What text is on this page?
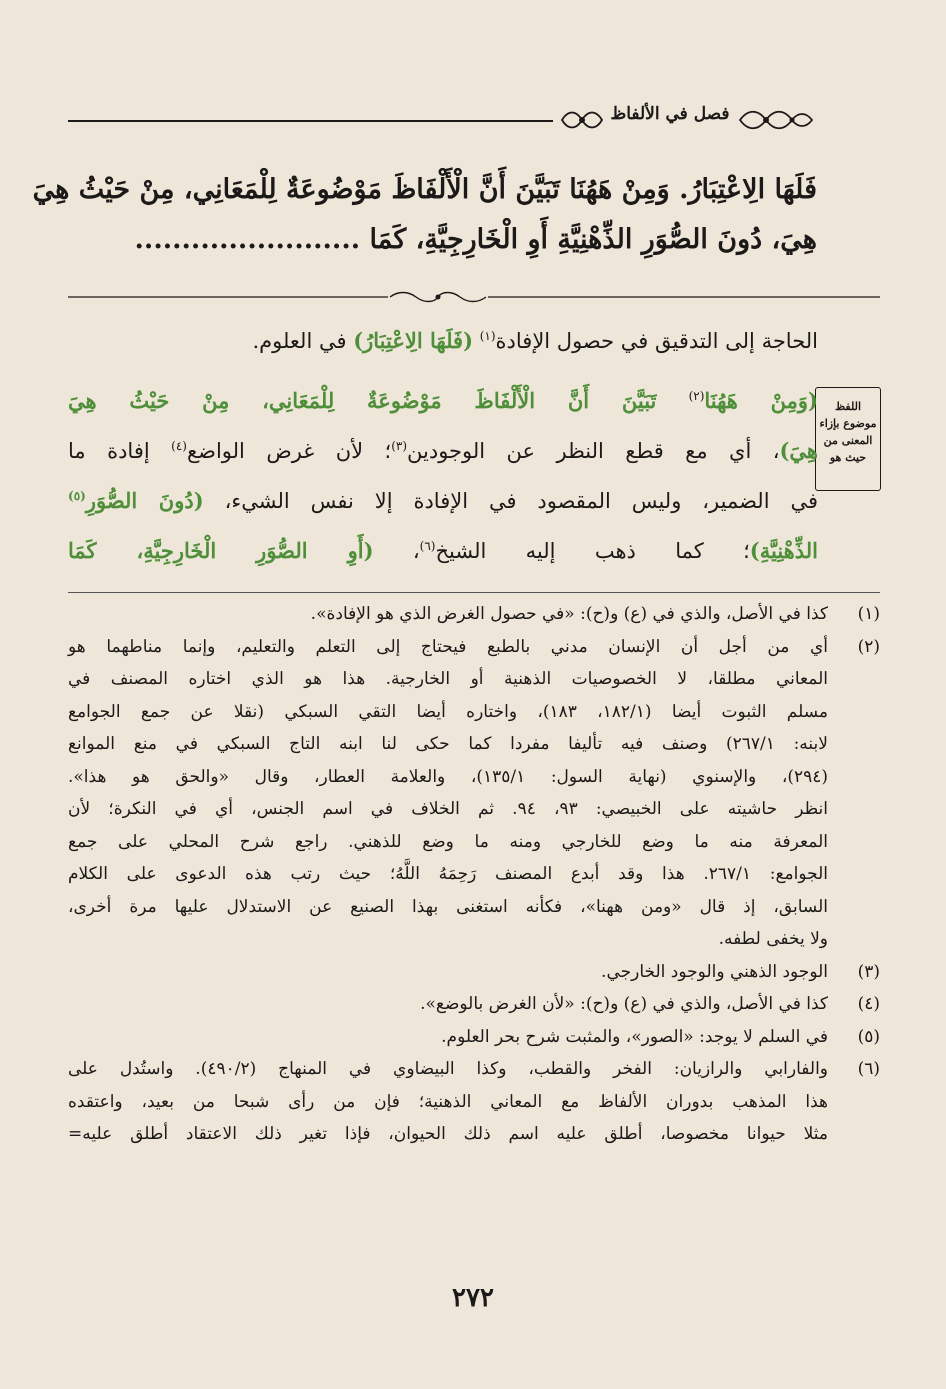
فصل في الألفاظ
فَلَهَا الِاعْتِبَارُ. وَمِنْ هَهُنَا تَبَيَّنَ أَنَّ الْأَلْفَاظَ مَوْضُوعَةٌ لِلْمَعَانِي، مِنْ حَيْثُ هِيَ
هِيَ، دُونَ الصُّوَرِ الذِّهْنِيَّةِ أَوِ الْخَارِجِيَّةِ، كَمَا ........................
اللفظ
موضوع بإزاء
المعنى من
حيث هو
الحاجة إلى التدقيق في حصول الإفادة$^{(١)}$ (فَلَهَا الِاعْتِبَارُ) في العلوم.
(وَمِنْ هَهُنَا$^{(٢)}$ تَبَيَّنَ أَنَّ الْأَلْفَاظَ مَوْضُوعَةٌ لِلْمَعَانِي، مِنْ حَيْثُ هِيَ
هِيَ)، أي مع قطع النظر عن الوجودين$^{(٣)}$؛ لأن غرض الواضع$^{(٤)}$ إفادة ما
في الضمير، وليس المقصود في الإفادة إلا نفس الشيء، (دُونَ الصُّوَرِ$^{(٥)}$
الذِّهْنِيَّةِ)؛ كما ذهب إليه الشيخ$^{(٦)}$، (أَوِ الصُّوَرِ الْخَارِجِيَّةِ، كَمَا
(١)
كذا في الأصل، والذي في (ع) و(ح): «في حصول الغرض الذي هو الإفادة».
(٢)
أي من أجل أن الإنسان مدني بالطبع فيحتاج إلى التعلم والتعليم، وإنما مناطهما هو
المعاني مطلقا، لا الخصوصيات الذهنية أو الخارجية. هذا هو الذي اختاره المصنف في
مسلم الثبوت أيضا (١٨٢/١، ١٨٣)، واختاره أيضا التقي السبكي (نقلا عن جمع الجوامع
لابنه: ٢٦٧/١) وصنف فيه تأليفا مفردا كما حكى لنا ابنه التاج السبكي في منع الموانع
(٢٩٤)، والإسنوي (نهاية السول: ١٣٥/١)، والعلامة العطار، وقال «والحق هو هذا».
انظر حاشيته على الخبيصي: ٩٣، ٩٤. ثم الخلاف في اسم الجنس، أي في النكرة؛ لأن
المعرفة منه ما وضع للخارجي ومنه ما وضع للذهني. راجع شرح المحلي على جمع
الجوامع: ٢٦٧/١. هذا وقد أبدع المصنف رَحِمَهُ اللَّهُ؛ حيث رتب هذه الدعوى على الكلام
السابق، إذ قال «ومن ههنا»، فكأنه استغنى بهذا الصنيع عن الاستدلال عليها مرة أخرى،
ولا يخفى لطفه.
(٣)
الوجود الذهني والوجود الخارجي.
(٤)
كذا في الأصل، والذي في (ع) و(ح): «لأن الغرض بالوضع».
(٥)
في السلم لا يوجد: «الصور»، والمثبت شرح بحر العلوم.
(٦)
والفارابي والرازيان: الفخر والقطب، وكذا البيضاوي في المنهاج (٤٩٠/٢). واستُدل على
هذا المذهب بدوران الألفاظ مع المعاني الذهنية؛ فإن من رأى شبحا من بعيد، واعتقده
مثلا حيوانا مخصوصا، أطلق عليه اسم ذلك الحيوان، فإذا تغير ذلك الاعتقاد أطلق عليه=
٢٧٢
